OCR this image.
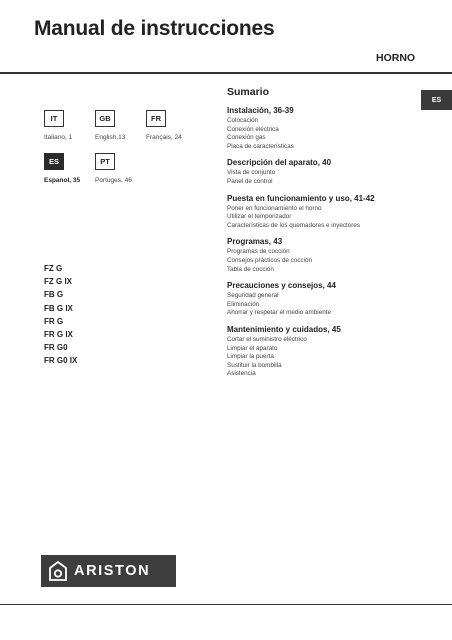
Manual de instrucciones
HORNO
ES
IT
Italiano, 1
GB
English,13
FR
Français, 24
ES
Espanol, 35
PT
Portuges, 46
FZ G
FZ G IX
FB G
FB G IX
FR G
FR G IX
FR G0
FR G0 IX
Sumario
Instalación, 36-39
Colocación
Conexión eléctrica
Conexión gas
Placa de características
Descripción del aparato, 40
Vista de conjunto
Panel de control
Puesta en funcionamiento y uso, 41-42
Poner en funcionamiento el horno
Utilizar el temporizador
Características de los quemadores e inyectores
Programas, 43
Programas de cocción
Consejos prácticos de cocción
Tabla de cocción
Precauciones y consejos, 44
Seguridad general
Eliminación
Ahorrar y respetar el medio ambiente
Mantenimiento y cuidados, 45
Cortar el suministro eléctrico
Limpiar el aparato
Limpiar la puerta
Sustituir la bombilla
Asistencia
ARISTON
